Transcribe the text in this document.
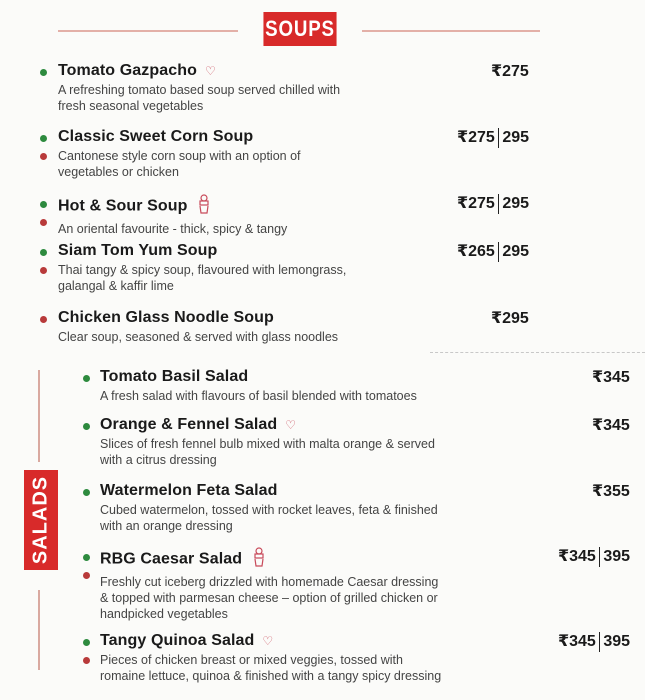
SOUPS
Tomato Gazpacho ♡
A refreshing tomato based soup served chilled with
fresh seasonal vegetables
₹275
Classic Sweet Corn Soup
Cantonese style corn soup with an option of
vegetables or chicken
₹275 295
Hot & Sour Soup
An oriental favourite - thick, spicy & tangy
₹275 295
Siam Tom Yum Soup
Thai tangy & spicy soup, flavoured with lemongrass,
galangal & kaffir lime
₹265 295
Chicken Glass Noodle Soup
Clear soup, seasoned & served with glass noodles
₹295
SALADS
Tomato Basil Salad
A fresh salad with flavours of basil blended with tomatoes
₹345
Orange & Fennel Salad ♡
Slices of fresh fennel bulb mixed with malta orange & served
with a citrus dressing
₹345
Watermelon Feta Salad
Cubed watermelon, tossed with rocket leaves, feta & finished
with an orange dressing
₹355
RBG Caesar Salad
Freshly cut iceberg drizzled with homemade Caesar dressing
& topped with parmesan cheese – option of grilled chicken or
handpicked vegetables
₹345 395
Tangy Quinoa Salad ♡
Pieces of chicken breast or mixed veggies, tossed with
romaine lettuce, quinoa & finished with a tangy spicy dressing
₹345 395
